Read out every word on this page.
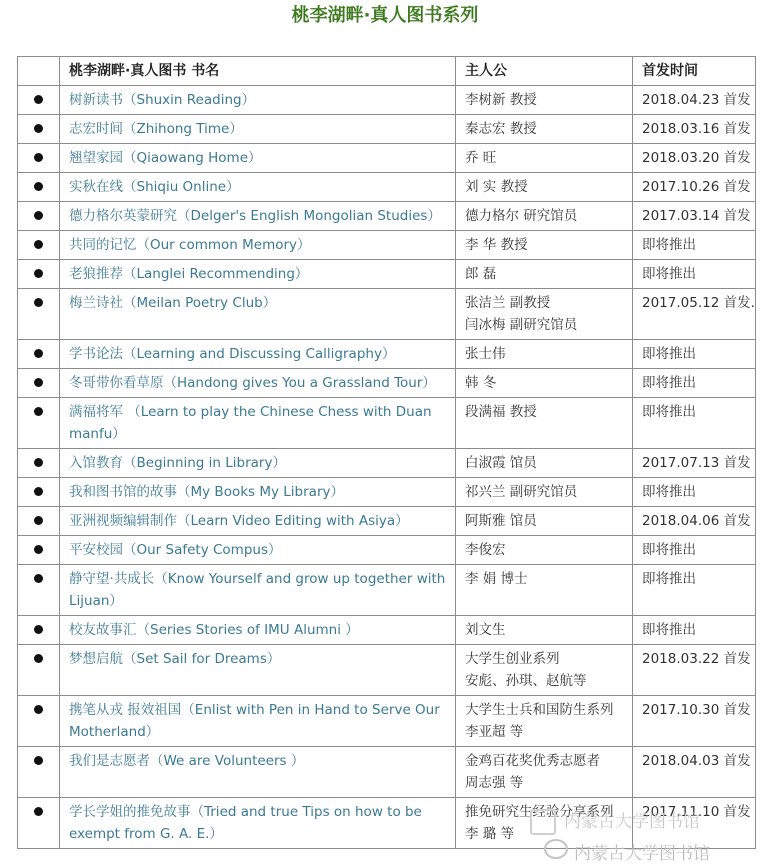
桃李湖畔·真人图书系列
	桃李湖畔·真人图书 书名	主人公	首发时间

	树新读书（Shuxin Reading）	李树新 教授	2018.04.23 首发

	志宏时间（Zhihong Time）	秦志宏 教授	2018.03.16 首发

	翘望家园（Qiaowang Home）	乔 旺	2018.03.20 首发

	实秋在线（Shiqiu Online）	刘 实 教授	2017.10.26 首发

	德力格尔英蒙研究（Delger's English Mongolian Studies）	德力格尔 研究馆员	2017.03.14 首发

	共同的记忆（Our common Memory）	李 华 教授	即将推出

	老狼推荐（Langlei Recommending）	郎 磊	即将推出

	梅兰诗社（Meilan Poetry Club）	张洁兰 副教授
闫冰梅 副研究馆员	2017.05.12 首发.

	学书论法（Learning and Discussing Calligraphy）	张士伟	即将推出

	冬哥带你看草原（Handong gives You a Grassland Tour）	韩 冬	即将推出

	满福将军 （Learn to play the Chinese Chess with Duan
manfu）	段满福 教授	即将推出

	入馆教育（Beginning in Library）	白淑霞 馆员	2017.07.13 首发

	我和图书馆的故事（My Books My Library）	祁兴兰 副研究馆员	即将推出

	亚洲视频编辑制作（Learn Video Editing with Asiya）	阿斯雅 馆员	2018.04.06 首发

	平安校园（Our Safety Compus）	李俊宏	即将推出

	静守望·共成长（Know Yourself and grow up together with
Lijuan）	李 娟 博士	即将推出

	校友故事汇（Series Stories of IMU Alumni ）	刘文生	即将推出

	梦想启航（Set Sail for Dreams）	大学生创业系列
安彪、孙琪、赵航等	2018.03.22 首发

	携笔从戎 报效祖国（Enlist with Pen in Hand to Serve Our
Motherland）	大学生士兵和国防生系列
李亚超 等	2017.10.30 首发

	我们是志愿者（We are Volunteers ）	金鸡百花奖优秀志愿者
周志强 等	2018.04.03 首发

	学长学姐的推免故事（Tried and true Tips on how to be
exempt from G. A. E.）	推免研究生经验分享系列
李 璐 等	2017.11.10 首发
内蒙古大学图书馆
内蒙古大学图书馆
